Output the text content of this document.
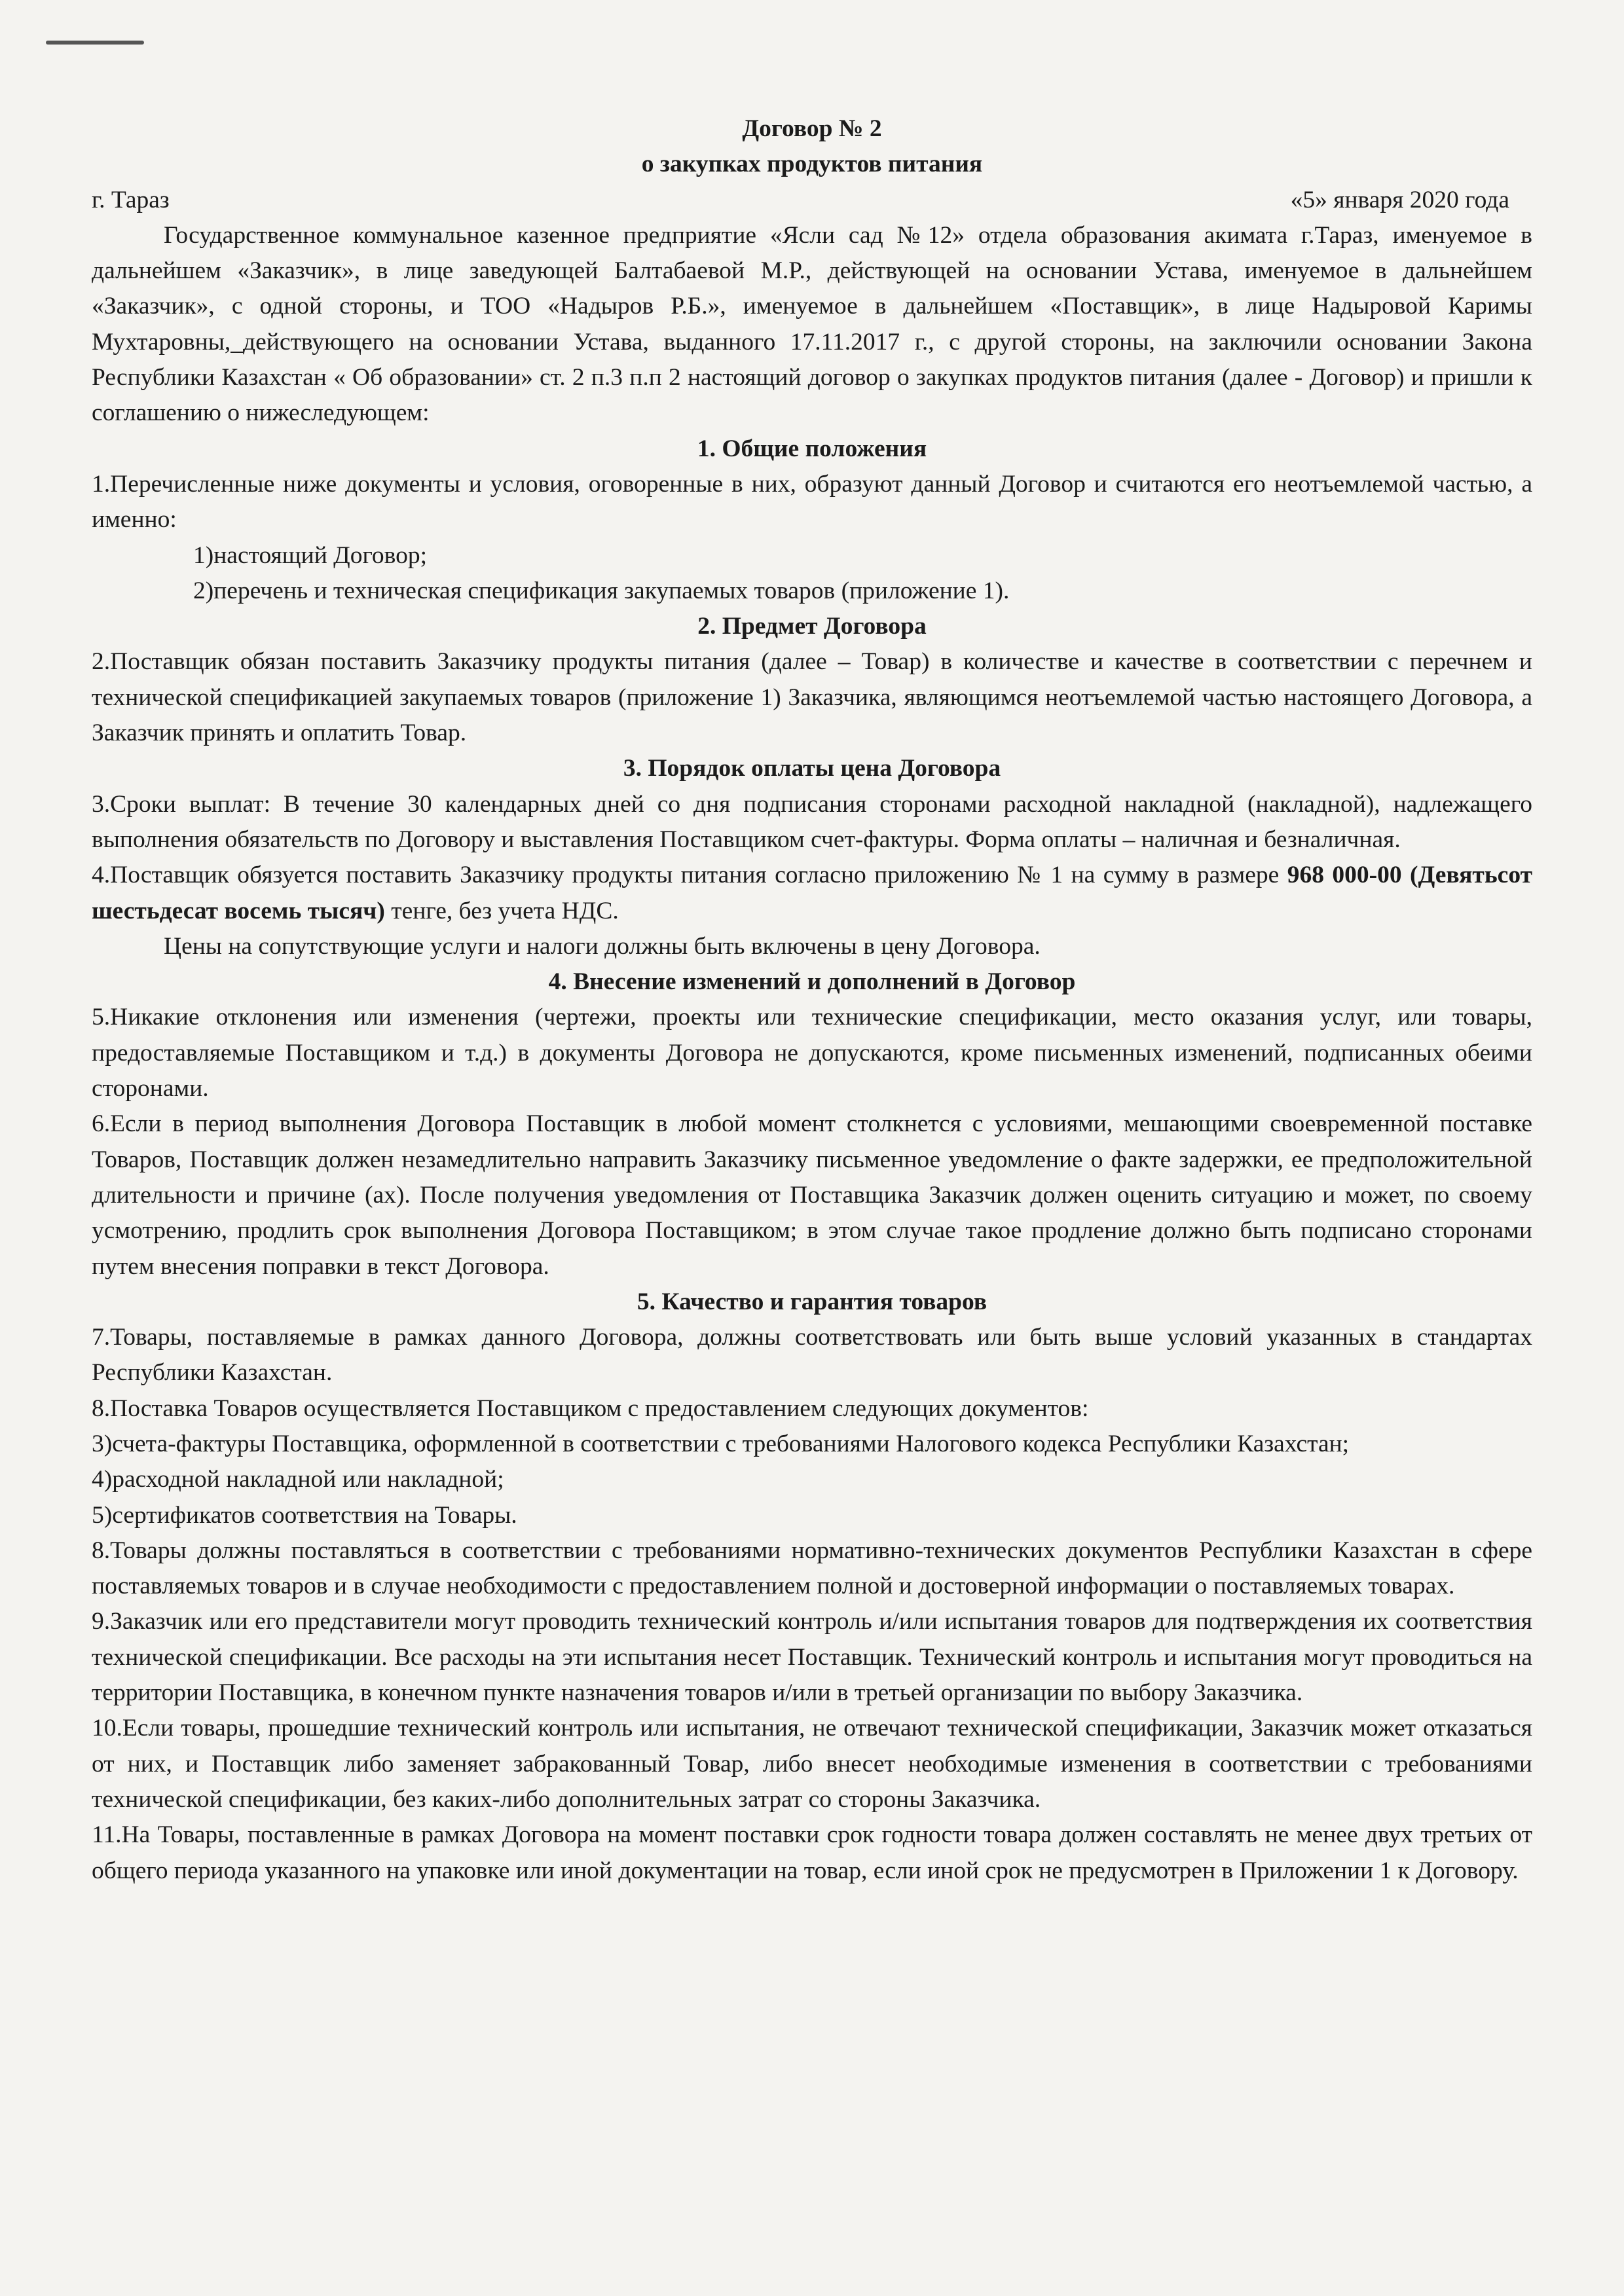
Договор № 2

о закупках продуктов питания

г. Тараз	«5» января 2020 года

Государственное коммунальное казенное предприятие «Ясли сад №12» отдела образования акимата г.Тараз, именуемое в дальнейшем «Заказчик», в лице заведующей Балтабаевой М.Р., действующей на основании Устава, именуемое в дальнейшем «Заказчик», с одной стороны, и ТОО «Надыров Р.Б.», именуемое в дальнейшем «Поставщик», в лице Надыровой Каримы Мухтаровны,_действующего на основании Устава, выданного 17.11.2017 г., с другой стороны, на заключили основании Закона Республики Казахстан « Об образовании» ст. 2 п.3 п.п 2 настоящий договор о закупках продуктов питания (далее - Договор) и пришли к соглашению о нижеследующем:

1. Общие положения

1.Перечисленные ниже документы и условия, оговоренные в них, образуют данный Договор и считаются его неотъемлемой частью, а именно:

1)настоящий Договор;

2)перечень и техническая спецификация закупаемых товаров (приложение 1).

2. Предмет Договора

2.Поставщик обязан поставить Заказчику продукты питания (далее – Товар) в количестве и качестве в соответствии с перечнем и технической спецификацией закупаемых товаров (приложение 1) Заказчика, являющимся неотъемлемой частью настоящего Договора, а Заказчик принять и оплатить Товар.

3. Порядок оплаты цена Договора

3.Сроки выплат: В течение 30 календарных дней со дня подписания сторонами расходной накладной (накладной), надлежащего выполнения обязательств по Договору и выставления Поставщиком счет-фактуры. Форма оплаты – наличная и безналичная.

4.Поставщик обязуется поставить Заказчику продукты питания согласно приложению № 1 на сумму в размере 968 000-00 (Девятьсот шестьдесат восемь тысяч) тенге, без учета НДС.

Цены на сопутствующие услуги и налоги должны быть включены в цену Договора.

4. Внесение изменений и дополнений в Договор

5.Никакие отклонения или изменения (чертежи, проекты или технические спецификации, место оказания услуг, или товары, предоставляемые Поставщиком и т.д.) в документы Договора не допускаются, кроме письменных изменений, подписанных обеими сторонами.

6.Если в период выполнения Договора Поставщик в любой момент столкнется с условиями, мешающими своевременной поставке Товаров, Поставщик должен незамедлительно направить Заказчику письменное уведомление о факте задержки, ее предположительной длительности и причине (ах). После получения уведомления от Поставщика Заказчик должен оценить ситуацию и может, по своему усмотрению, продлить срок выполнения Договора Поставщиком; в этом случае такое продление должно быть подписано сторонами путем внесения поправки в текст Договора.

5. Качество и гарантия товаров

7.Товары, поставляемые в рамках данного Договора, должны соответствовать или быть выше условий указанных в стандартах Республики Казахстан.

8.Поставка Товаров осуществляется Поставщиком с предоставлением следующих документов:

3)счета-фактуры Поставщика, оформленной в соответствии с требованиями Налогового кодекса Республики Казахстан;

4)расходной накладной или накладной;

5)сертификатов соответствия на Товары.

8.Товары должны поставляться в соответствии с требованиями нормативно-технических документов Республики Казахстан в сфере поставляемых товаров и в случае необходимости с предоставлением полной и достоверной информации о поставляемых товарах.

9.Заказчик или его представители могут проводить технический контроль и/или испытания товаров для подтверждения их соответствия технической спецификации. Все расходы на эти испытания несет Поставщик. Технический контроль и испытания могут проводиться на территории Поставщика, в конечном пункте назначения товаров и/или в третьей организации по выбору Заказчика.

10.Если товары, прошедшие технический контроль или испытания, не отвечают технической спецификации, Заказчик может отказаться от них, и Поставщик либо заменяет забракованный Товар, либо внесет необходимые изменения в соответствии с требованиями технической спецификации, без каких-либо дополнительных затрат со стороны Заказчика.

11.На Товары, поставленные в рамках Договора на момент поставки срок годности товара должен составлять не менее двух третьих от общего периода указанного на упаковке или иной документации на товар, если иной срок не предусмотрен в Приложении 1 к Договору.
